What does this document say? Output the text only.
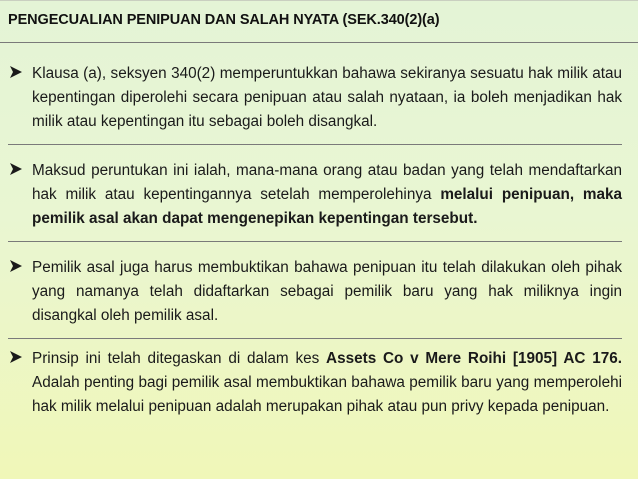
PENGECUALIAN PENIPUAN DAN SALAH NYATA (SEK.340(2)(a)

Klausa (a), seksyen 340(2) memperuntukkan bahawa sekiranya sesuatu hak milik atau kepentingan diperolehi secara penipuan atau salah nyataan, ia boleh menjadikan hak milik atau kepentingan itu sebagai boleh disangkal.

Maksud peruntukan ini ialah, mana-mana orang atau badan yang telah mendaftarkan hak milik atau kepentingannya setelah memperolehinya melalui penipuan, maka pemilik asal akan dapat mengenepikan kepentingan tersebut.

Pemilik asal juga harus membuktikan bahawa penipuan itu telah dilakukan oleh pihak yang namanya telah didaftarkan sebagai pemilik baru yang hak miliknya ingin disangkal oleh pemilik asal.

Prinsip ini telah ditegaskan di dalam kes Assets Co v Mere Roihi [1905] AC 176. Adalah penting bagi pemilik asal membuktikan bahawa pemilik baru yang memperolehi hak milik melalui penipuan adalah merupakan pihak atau pun privy kepada penipuan.
